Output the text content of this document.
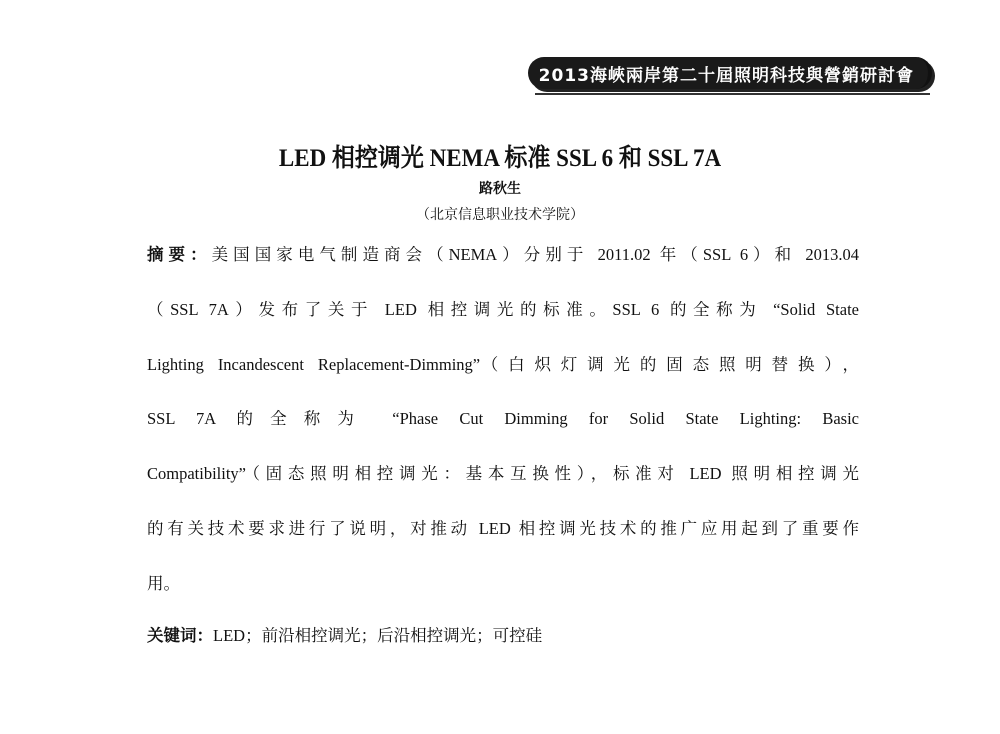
2013海峽兩岸第二十屆照明科技與營銷研討會
LED 相控调光 NEMA 标准 SSL 6 和 SSL 7A
路秋生
（北京信息职业技术学院）
摘要：美国国家电气制造商会（NEMA）分别于 2011.02 年（SSL 6）和 2013.04
（SSL 7A）发布了关于 LED 相控调光的标准。SSL 6 的全称为 “Solid State
Lighting Incandescent Replacement-Dimming”（白炽灯调光的固态照明替换），
SSL 7A 的全称为 “Phase Cut Dimming for Solid State Lighting: Basic
Compatibility”（固态照明相控调光：基本互换性），标准对 LED 照明相控调光
的有关技术要求进行了说明，对推动 LED 相控调光技术的推广应用起到了重要作
用。
关键词：LED；前沿相控调光；后沿相控调光；可控硅
